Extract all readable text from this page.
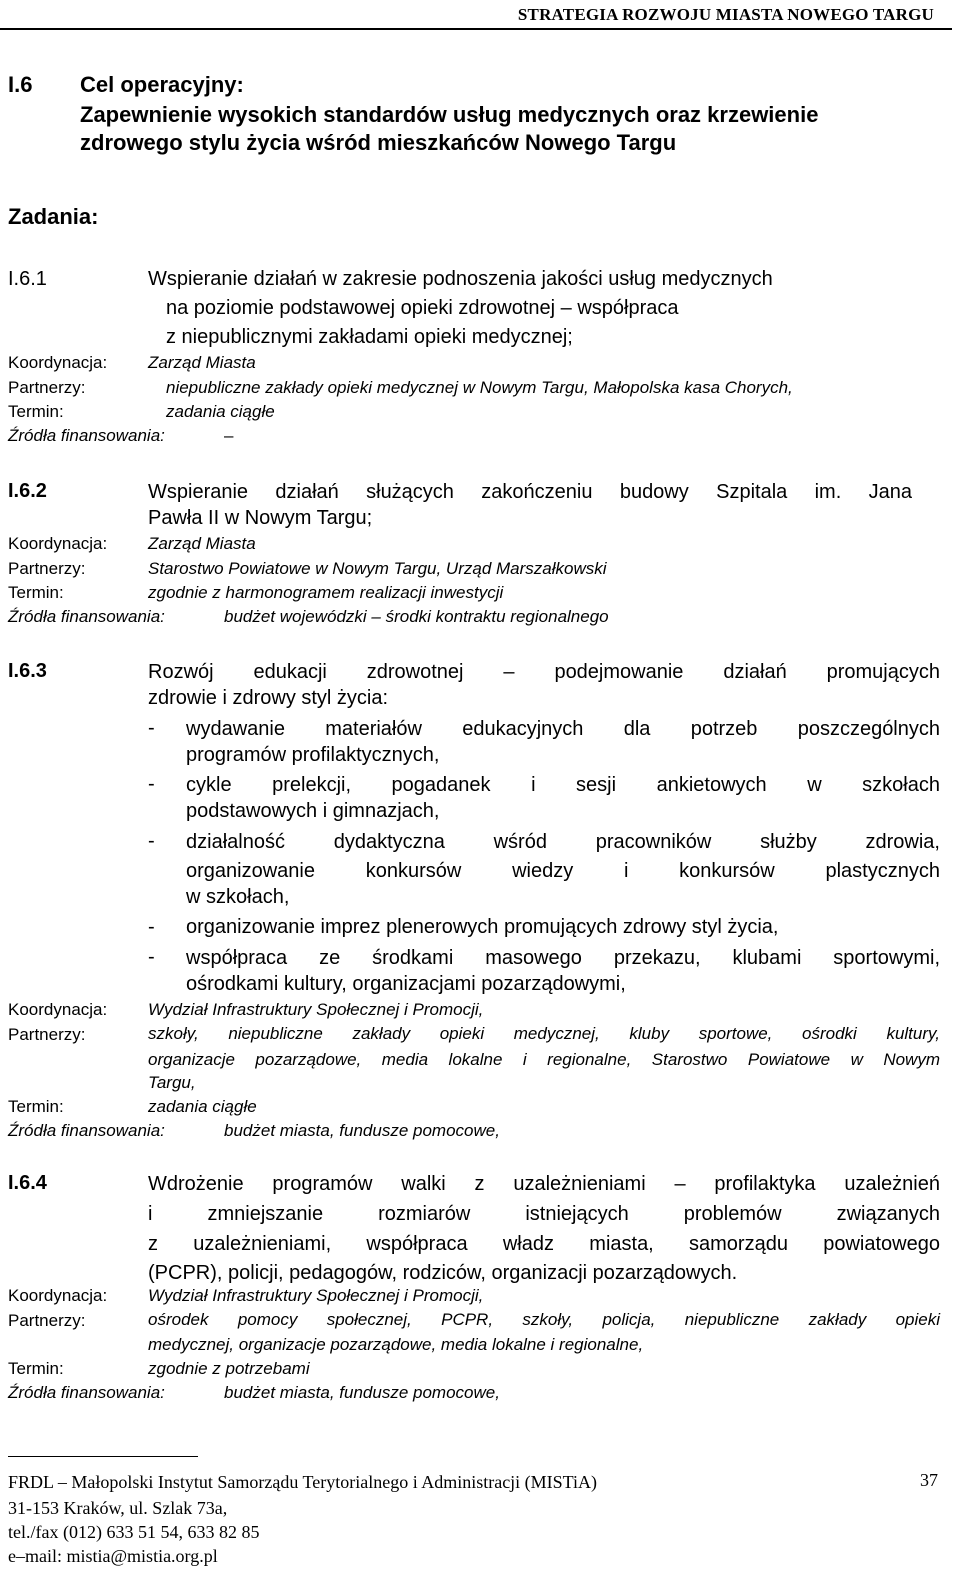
STRATEGIA ROZWOJU MIASTA NOWEGO TARGU
I.6 Cel operacyjny:
Zapewnienie wysokich standardów usług medycznych oraz krzewienie
zdrowego stylu życia wśród mieszkańców Nowego Targu
Zadania:
I.6.1	Wspieranie działań w zakresie podnoszenia jakości usług medycznych
na poziomie podstawowej opieki zdrowotnej – współpraca
z niepublicznymi zakładami opieki medycznej;
Koordynacja: Zarząd Miasta
Partnerzy:	niepubliczne zakłady opieki medycznej w Nowym Targu, Małopolska kasa Chorych,
Termin:	zadania ciągłe
Źródła finansowania:	–
I.6.2	Wspieranie działań służących zakończeniu budowy Szpitala im. Jana
Pawła II w Nowym Targu;
Koordynacja: Zarząd Miasta
Partnerzy:	Starostwo Powiatowe w Nowym Targu, Urząd Marszałkowski
Termin:	zgodnie z harmonogramem realizacji inwestycji
Źródła finansowania:	budżet wojewódzki – środki kontraktu regionalnego
I.6.3	Rozwój edukacji zdrowotnej – podejmowanie działań promujących
zdrowie i zdrowy styl życia:
- wydawanie materiałów edukacyjnych dla potrzeb poszczególnych
programów profilaktycznych,
- cykle prelekcji, pogadanek i sesji ankietowych w szkołach
podstawowych i gimnazjach,
- działalność dydaktyczna wśród pracowników służby zdrowia,
organizowanie konkursów wiedzy i konkursów plastycznych
w szkołach,
- organizowanie imprez plenerowych promujących zdrowy styl życia,
- współpraca ze środkami masowego przekazu, klubami sportowymi,
ośrodkami kultury, organizacjami pozarządowymi,
Koordynacja: Wydział Infrastruktury Społecznej i Promocji,
Partnerzy:	szkoły, niepubliczne zakłady opieki medycznej, kluby sportowe, ośrodki kultury,
organizacje pozarządowe, media lokalne i regionalne, Starostwo Powiatowe w Nowym
Targu,
Termin:	zadania ciągłe
Źródła finansowania:	budżet miasta, fundusze pomocowe,
I.6.4	Wdrożenie programów walki z uzależnieniami – profilaktyka uzależnień
i zmniejszanie rozmiarów istniejących problemów związanych
z uzależnieniami, współpraca władz miasta, samorządu powiatowego
(PCPR), policji, pedagogów, rodziców, organizacji pozarządowych.
Koordynacja: Wydział Infrastruktury Społecznej i Promocji,
Partnerzy:	ośrodek pomocy społecznej, PCPR, szkoły, policja, niepubliczne zakłady opieki
medycznej, organizacje pozarządowe, media lokalne i regionalne,
Termin:	zgodnie z potrzebami
Źródła finansowania:	budżet miasta, fundusze pomocowe,
FRDL – Małopolski Instytut Samorządu Terytorialnego i Administracji (MISTiA)
31-153 Kraków, ul. Szlak 73a,
tel./fax (012) 633 51 54, 633 82 85
e–mail: mistia@mistia.org.pl
37
